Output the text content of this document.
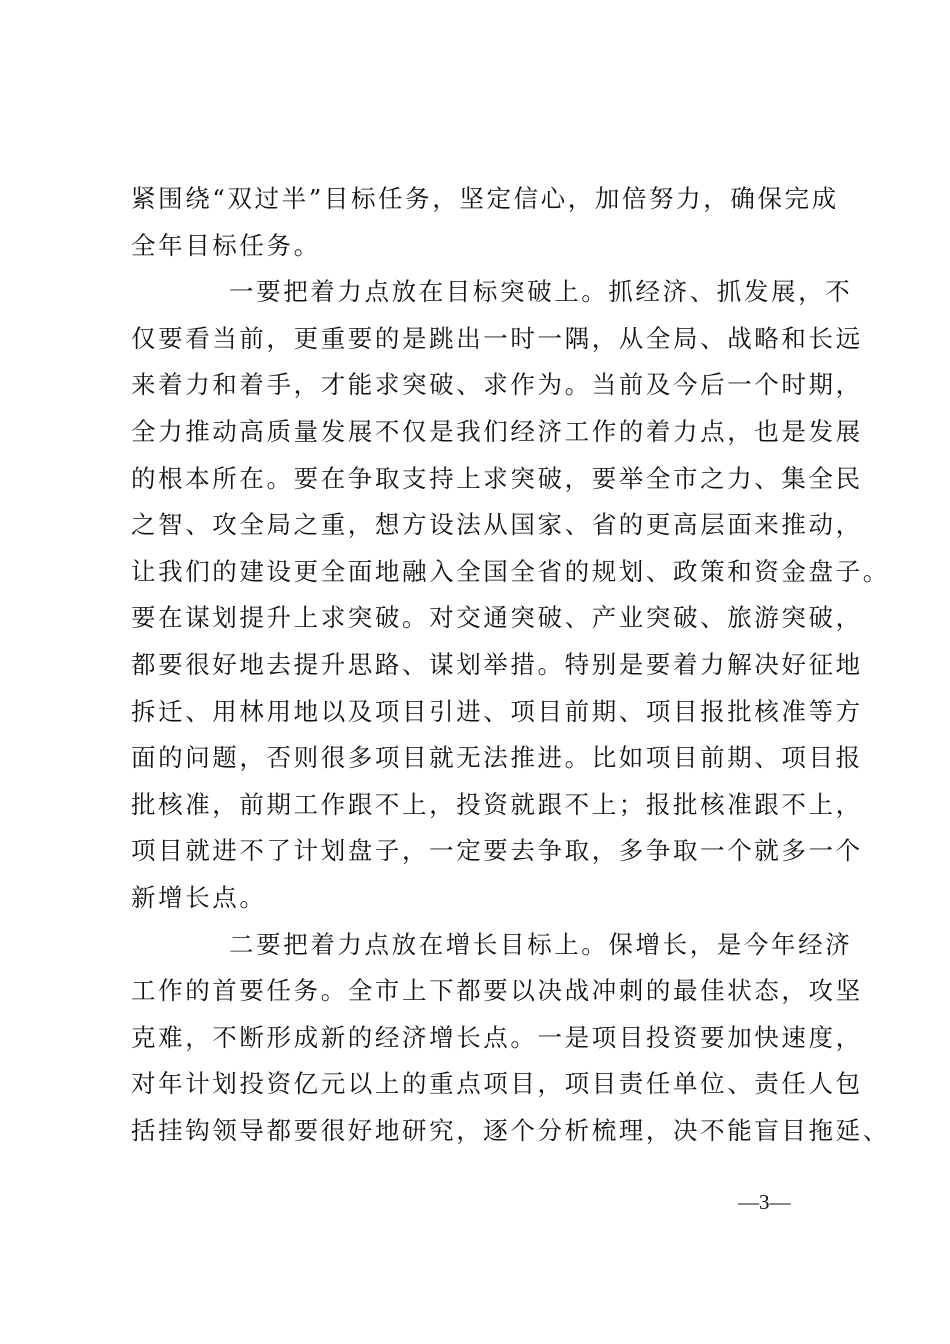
紧围绕“双过半”目标任务，坚定信心，加倍努力，确保完成
全年目标任务。
一要把着力点放在目标突破上。抓经济、抓发展，不
仅要看当前，更重要的是跳出一时一隅，从全局、战略和长远
来着力和着手，才能求突破、求作为。当前及今后一个时期，
全力推动高质量发展不仅是我们经济工作的着力点，也是发展
的根本所在。要在争取支持上求突破，要举全市之力、集全民
之智、攻全局之重，想方设法从国家、省的更高层面来推动，
让我们的建设更全面地融入全国全省的规划、政策和资金盘子。
要在谋划提升上求突破。对交通突破、产业突破、旅游突破，
都要很好地去提升思路、谋划举措。特别是要着力解决好征地
拆迁、用林用地以及项目引进、项目前期、项目报批核准等方
面的问题，否则很多项目就无法推进。比如项目前期、项目报
批核准，前期工作跟不上，投资就跟不上；报批核准跟不上，
项目就进不了计划盘子，一定要去争取，多争取一个就多一个
新增长点。
二要把着力点放在增长目标上。保增长，是今年经济
工作的首要任务。全市上下都要以决战冲刺的最佳状态，攻坚
克难，不断形成新的经济增长点。一是项目投资要加快速度，
对年计划投资亿元以上的重点项目，项目责任单位、责任人包
括挂钩领导都要很好地研究，逐个分析梳理，决不能盲目拖延、
—3—
